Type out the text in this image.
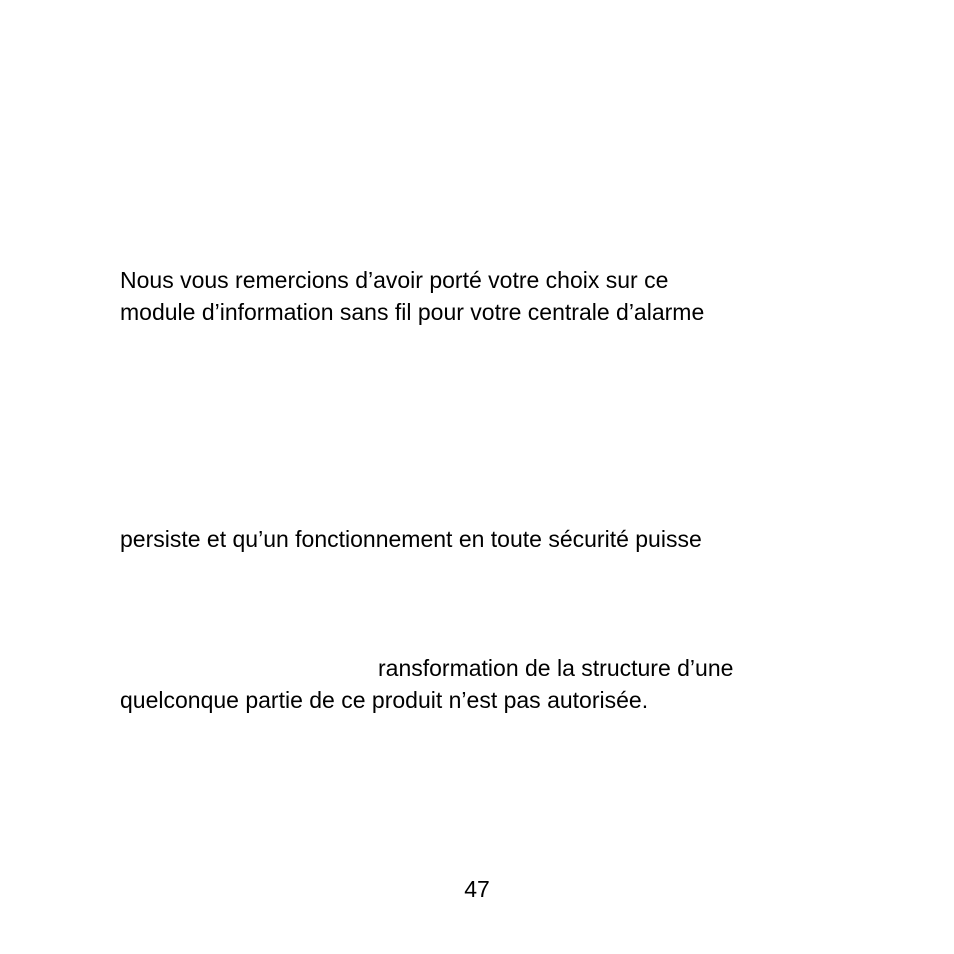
Nous vous remercions d’avoir porté votre choix sur ce
module d’information sans fil pour votre centrale d’alarme
persiste et qu’un fonctionnement en toute sécurité puisse
ransformation de la structure d’une
quelconque partie de ce produit n’est pas autorisée.
47
